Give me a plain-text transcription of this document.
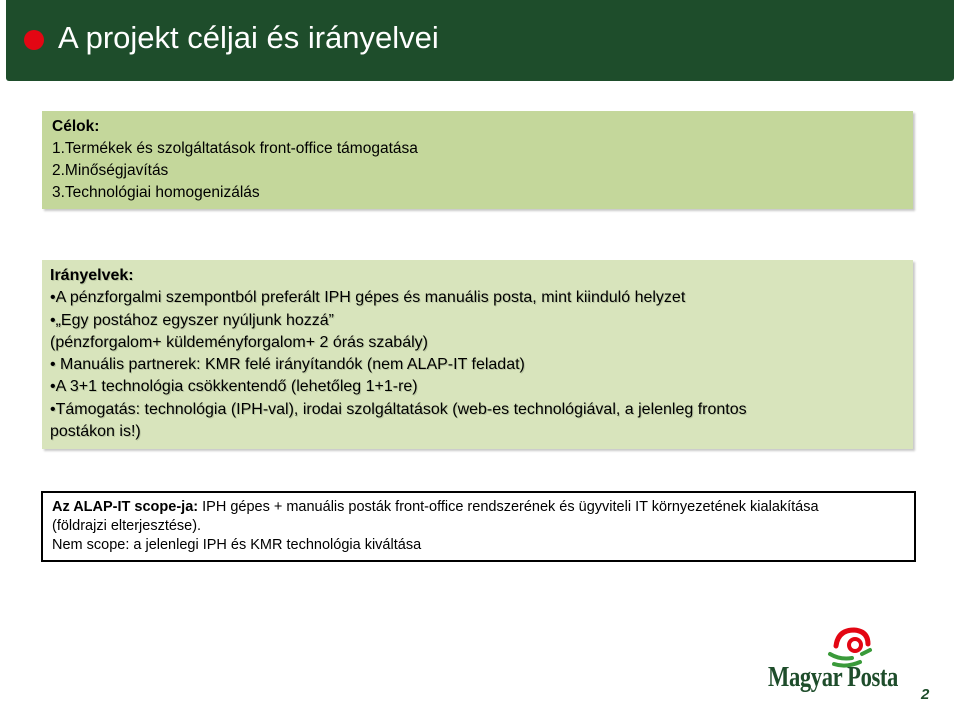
A projekt céljai és irányelvei
Célok:
1.Termékek és szolgáltatások front-office támogatása
2.Minőségjavítás
3.Technológiai homogenizálás
Irányelvek:
•A pénzforgalmi szempontból preferált IPH gépes és manuális posta, mint kiinduló helyzet
•„Egy postához egyszer nyúljunk hozzá”
(pénzforgalom+ küldeményforgalom+ 2 órás szabály)
• Manuális partnerek: KMR felé irányítandók (nem ALAP-IT feladat)
•A 3+1 technológia csökkentendő (lehetőleg 1+1-re)
•Támogatás: technológia (IPH-val), irodai szolgáltatások (web-es technológiával, a jelenleg frontos
postákon is!)
Az ALAP-IT scope-ja: IPH gépes + manuális posták front-office rendszerének és ügyviteli IT környezetének kialakítása
(földrajzi elterjesztése).
Nem scope: a jelenlegi IPH és KMR technológia kiváltása
Magyar Posta
2
